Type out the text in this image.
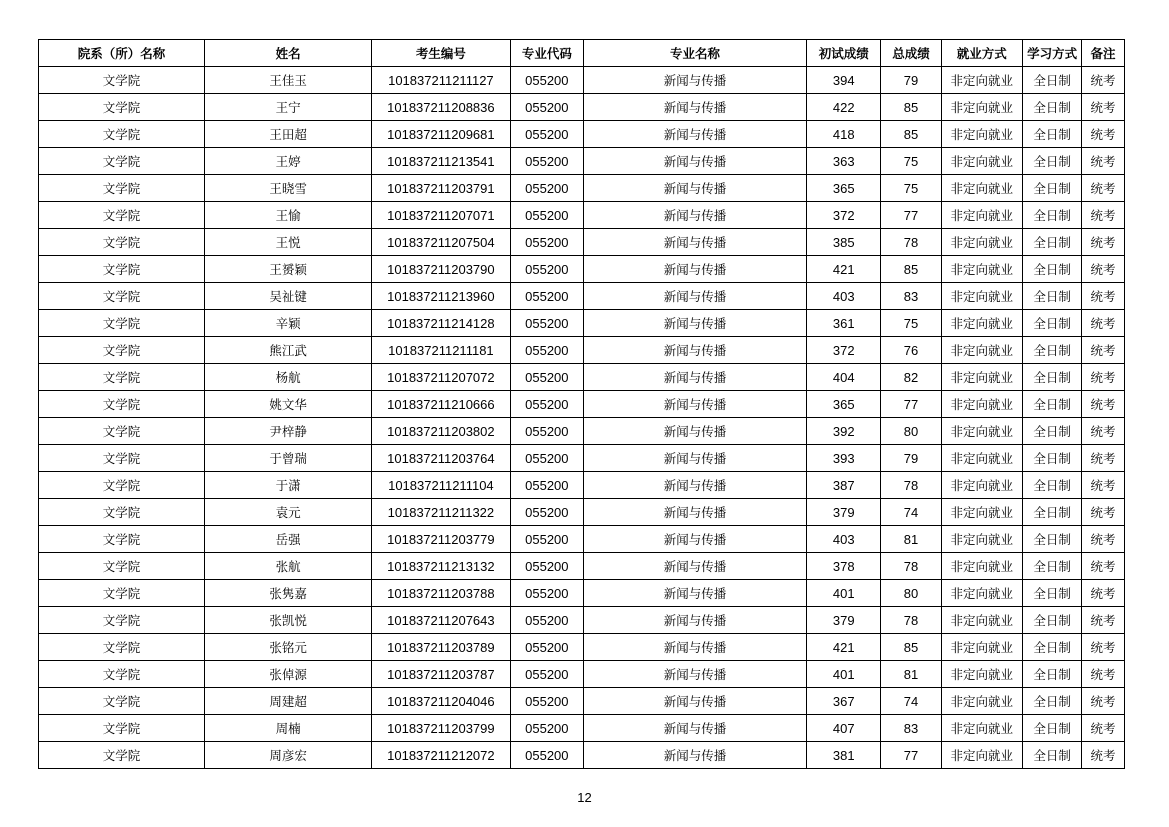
院系（所）名称	姓名	考生编号	专业代码	专业名称	初试成绩	总成绩	就业方式	学习方式	备注
文学院	王佳玉	101837211211127	055200	新闻与传播	394	79	非定向就业	全日制	统考
文学院	王宁	101837211208836	055200	新闻与传播	422	85	非定向就业	全日制	统考
文学院	王田超	101837211209681	055200	新闻与传播	418	85	非定向就业	全日制	统考
文学院	王婷	101837211213541	055200	新闻与传播	363	75	非定向就业	全日制	统考
文学院	王晓雪	101837211203791	055200	新闻与传播	365	75	非定向就业	全日制	统考
文学院	王愉	101837211207071	055200	新闻与传播	372	77	非定向就业	全日制	统考
文学院	王悦	101837211207504	055200	新闻与传播	385	78	非定向就业	全日制	统考
文学院	王赟颖	101837211203790	055200	新闻与传播	421	85	非定向就业	全日制	统考
文学院	吴祉键	101837211213960	055200	新闻与传播	403	83	非定向就业	全日制	统考
文学院	辛颖	101837211214128	055200	新闻与传播	361	75	非定向就业	全日制	统考
文学院	熊江武	101837211211181	055200	新闻与传播	372	76	非定向就业	全日制	统考
文学院	杨航	101837211207072	055200	新闻与传播	404	82	非定向就业	全日制	统考
文学院	姚文华	101837211210666	055200	新闻与传播	365	77	非定向就业	全日制	统考
文学院	尹梓静	101837211203802	055200	新闻与传播	392	80	非定向就业	全日制	统考
文学院	于曾瑞	101837211203764	055200	新闻与传播	393	79	非定向就业	全日制	统考
文学院	于潇	101837211211104	055200	新闻与传播	387	78	非定向就业	全日制	统考
文学院	袁元	101837211211322	055200	新闻与传播	379	74	非定向就业	全日制	统考
文学院	岳强	101837211203779	055200	新闻与传播	403	81	非定向就业	全日制	统考
文学院	张航	101837211213132	055200	新闻与传播	378	78	非定向就业	全日制	统考
文学院	张隽嘉	101837211203788	055200	新闻与传播	401	80	非定向就业	全日制	统考
文学院	张凯悦	101837211207643	055200	新闻与传播	379	78	非定向就业	全日制	统考
文学院	张铭元	101837211203789	055200	新闻与传播	421	85	非定向就业	全日制	统考
文学院	张倬源	101837211203787	055200	新闻与传播	401	81	非定向就业	全日制	统考
文学院	周建超	101837211204046	055200	新闻与传播	367	74	非定向就业	全日制	统考
文学院	周楠	101837211203799	055200	新闻与传播	407	83	非定向就业	全日制	统考
文学院	周彦宏	101837211212072	055200	新闻与传播	381	77	非定向就业	全日制	统考
12
